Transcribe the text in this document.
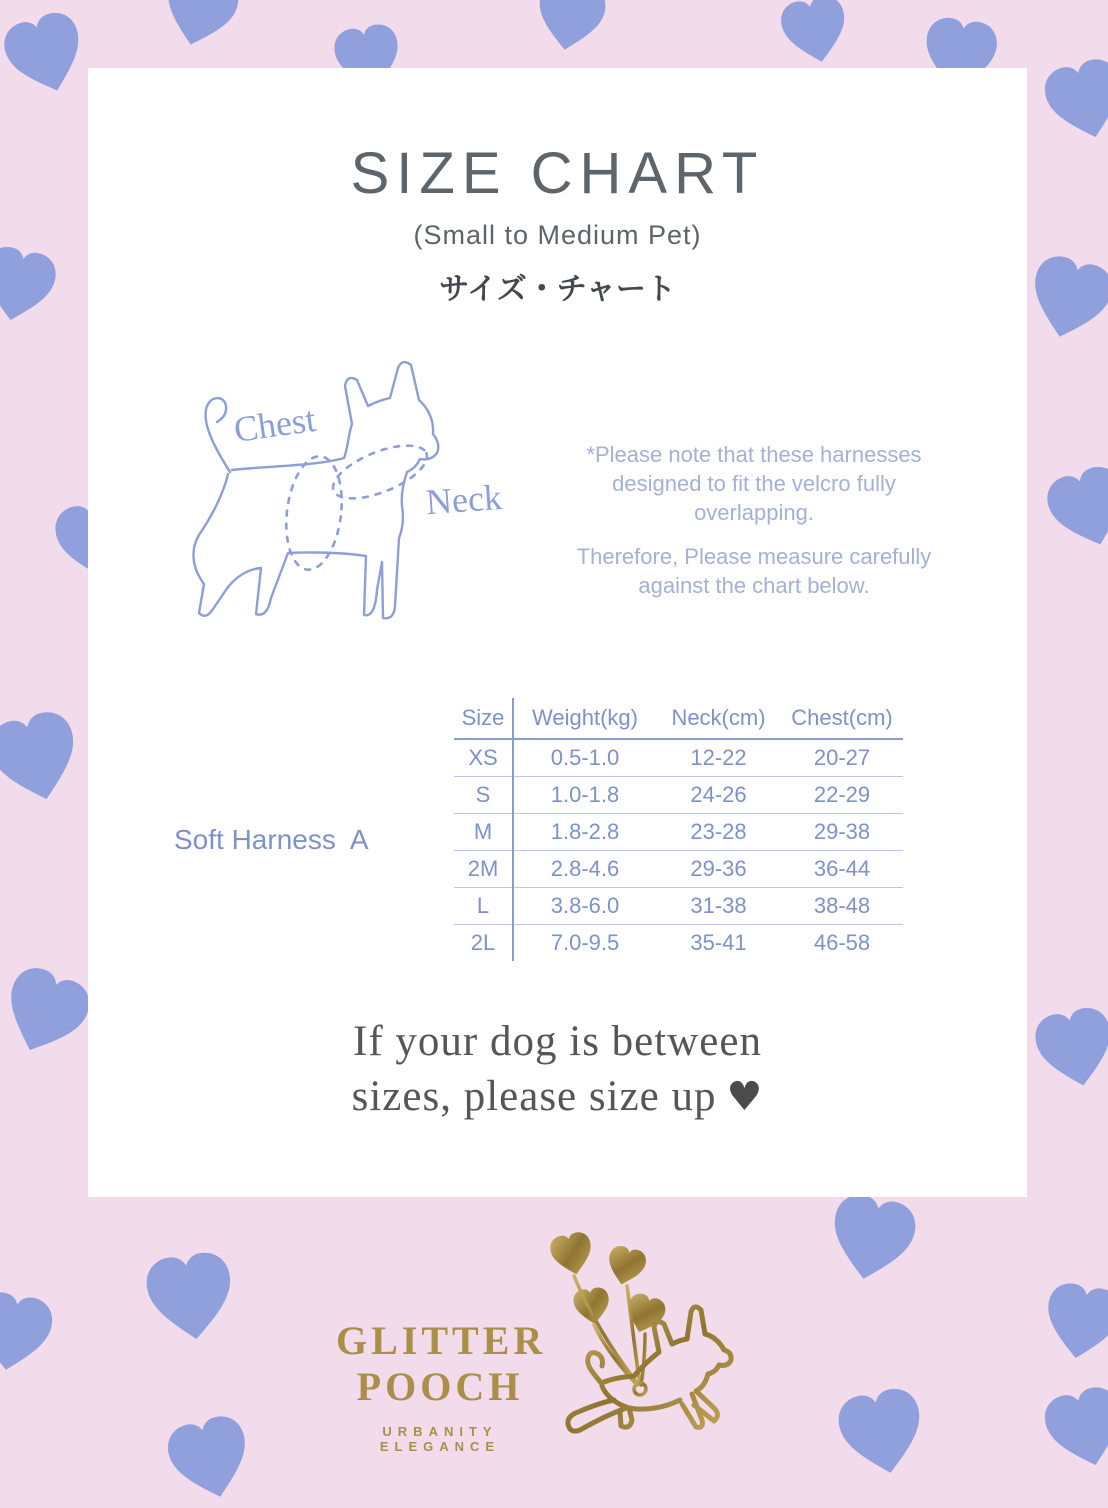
SIZE CHART
(Small to Medium Pet)
サイズ・チャート
Chest
Neck

*Please note that these harnesses designed to fit the velcro fully overlapping.

Therefore, Please measure carefully against the chart below.

Soft Harness  A
Size	Weight(kg)	Neck(cm)	Chest(cm)
XS	0.5-1.0	12-22	20-27
S	1.0-1.8	24-26	22-29
M	1.8-2.8	23-28	29-38
2M	2.8-4.6	29-36	36-44
L	3.8-6.0	31-38	38-48
2L	7.0-9.5	35-41	46-58
If your dog is between
sizes, please size up ♥
GLITTER
POOCH
URBANITY ELEGANCE
